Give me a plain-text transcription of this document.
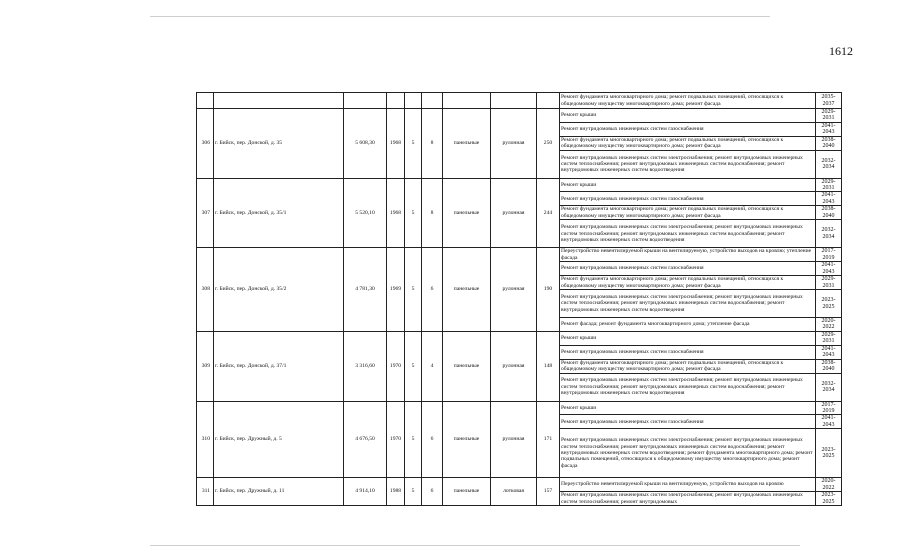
1612
									Ремонт фундамента многоквартирного дома; ремонт подвальных помещений, относящихся к общедомовому имуществу многоквартирного дома; ремонт фасада	2035-2037
306	г. Бийск, пер. Донской, д. 35	5 608,30	1968	5	8	панельные	рулонная	250	Ремонт крыши	2029-2031
									Ремонт внутридомовых инженерных систем газоснабжения	2041-2043
									Ремонт фундамента многоквартирного дома; ремонт подвальных помещений, относящихся к общедомовому имуществу многоквартирного дома; ремонт фасада	2038-2040
									Ремонт внутридомовых инженерных систем электроснабжения; ремонт внутридомовых инженерных систем теплоснабжения; ремонт внутридомовых инженерных систем водоснабжения; ремонт внутридомовых инженерных систем водоотведения	2032-2034
307	г. Бийск, пер. Донской, д. 35/1	5 520,10	1968	5	8	панельные	рулонная	244	Ремонт крыши	2029-2031
									Ремонт внутридомовых инженерных систем газоснабжения	2041-2043
									Ремонт фундамента многоквартирного дома; ремонт подвальных помещений, относящихся к общедомовому имуществу многоквартирного дома; ремонт фасада	2038-2040
									Ремонт внутридомовых инженерных систем электроснабжения; ремонт внутридомовых инженерных систем теплоснабжения; ремонт внутридомовых инженерных систем водоснабжения; ремонт внутридомовых инженерных систем водоотведения	2032-2034
308	г. Бийск, пер. Донской, д. 35/2	4 781,30	1969	5	6	панельные	рулонная	190	Переустройство невентилируемой крыши на вентилируемую, устройство выходов на кровлю; утепление фасада	2017-2019
									Ремонт внутридомовых инженерных систем газоснабжения	2041-2043
									Ремонт фундамента многоквартирного дома; ремонт подвальных помещений, относящихся к общедомовому имуществу многоквартирного дома; ремонт фасада	2029-2031
									Ремонт внутридомовых инженерных систем электроснабжения; ремонт внутридомовых инженерных систем теплоснабжения; ремонт внутридомовых инженерных систем водоснабжения; ремонт внутридомовых инженерных систем водоотведения	2023-2025
									Ремонт фасада; ремонт фундамента многоквартирного дома; утепление фасада	2020-2022
309	г. Бийск, пер. Донской, д. 37/1	3 316,60	1970	5	4	панельные	рулонная	148	Ремонт крыши	2029-2031
									Ремонт внутридомовых инженерных систем газоснабжения	2041-2043
									Ремонт фундамента многоквартирного дома; ремонт подвальных помещений, относящихся к общедомовому имуществу многоквартирного дома; ремонт фасада	2038-2040
									Ремонт внутридомовых инженерных систем электроснабжения; ремонт внутридомовых инженерных систем теплоснабжения; ремонт внутридомовых инженерных систем водоснабжения; ремонт внутридомовых инженерных систем водоотведения	2032-2034
310	г. Бийск, пер. Дружный, д. 5	4 676,50	1970	5	6	панельные	рулонная	171	Ремонт крыши	2017-2019
									Ремонт внутридомовых инженерных систем газоснабжения	2041-2043
									Ремонт внутридомовых инженерных систем электроснабжения; ремонт внутридомовых инженерных систем теплоснабжения; ремонт внутридомовых инженерных систем водоснабжения; ремонт внутридомовых инженерных систем водоотведения; ремонт фундамента многоквартирного дома; ремонт подвальных помещений, относящихся к общедомовому имуществу многоквартирного дома; ремонт фасада	2023-2025
311	г. Бийск, пер. Дружный, д. 11	4 914,10	1988	5	6	панельные	лотковая	157	Переустройство невентилируемой крыши на вентилируемую, устройство выходов на кровлю	2020-2022
									Ремонт внутридомовых инженерных систем электроснабжения; ремонт внутридомовых инженерных систем теплоснабжения; ремонт внутридомовых	2023-2025
